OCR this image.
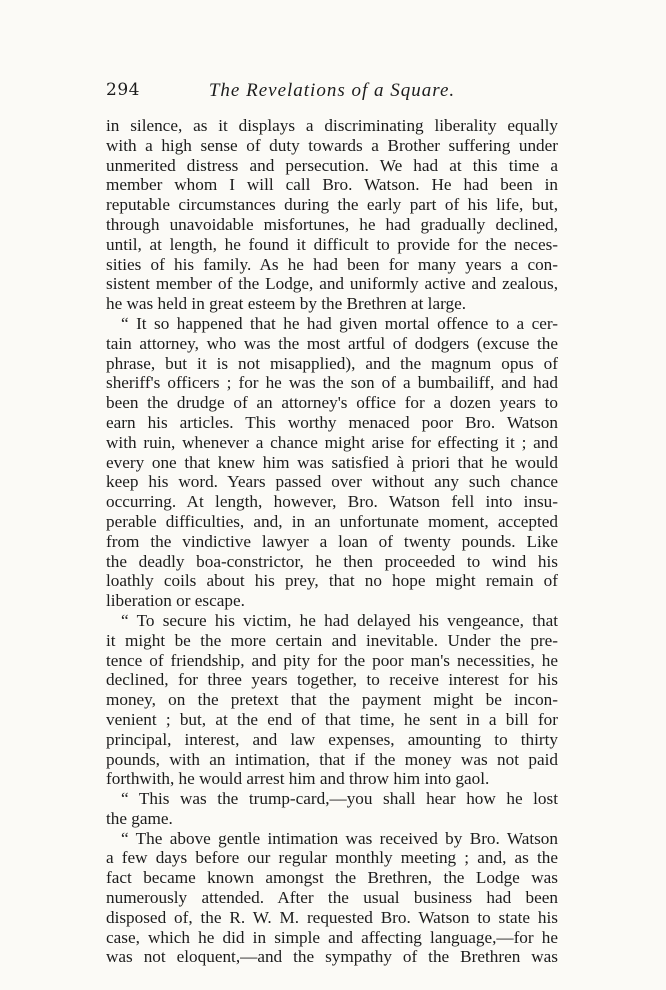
294	The Revelations of a Square.
in silence, as it displays a discriminating liberality equally
with a high sense of duty towards a Brother suffering under
unmerited distress and persecution. We had at this time a
member whom I will call Bro. Watson. He had been in
reputable circumstances during the early part of his life, but,
through unavoidable misfortunes, he had gradually declined,
until, at length, he found it difficult to provide for the neces-
sities of his family. As he had been for many years a con-
sistent member of the Lodge, and uniformly active and zealous,
he was held in great esteem by the Brethren at large.
“ It so happened that he had given mortal offence to a cer-
tain attorney, who was the most artful of dodgers (excuse the
phrase, but it is not misapplied), and the magnum opus of
sheriff's officers ; for he was the son of a bumbailiff, and had
been the drudge of an attorney's office for a dozen years to
earn his articles. This worthy menaced poor Bro. Watson
with ruin, whenever a chance might arise for effecting it ; and
every one that knew him was satisfied à priori that he would
keep his word. Years passed over without any such chance
occurring. At length, however, Bro. Watson fell into insu-
perable difficulties, and, in an unfortunate moment, accepted
from the vindictive lawyer a loan of twenty pounds. Like
the deadly boa-constrictor, he then proceeded to wind his
loathly coils about his prey, that no hope might remain of
liberation or escape.
“ To secure his victim, he had delayed his vengeance, that
it might be the more certain and inevitable. Under the pre-
tence of friendship, and pity for the poor man's necessities, he
declined, for three years together, to receive interest for his
money, on the pretext that the payment might be incon-
venient ; but, at the end of that time, he sent in a bill for
principal, interest, and law expenses, amounting to thirty
pounds, with an intimation, that if the money was not paid
forthwith, he would arrest him and throw him into gaol.
“ This was the trump-card,—you shall hear how he lost
the game.
“ The above gentle intimation was received by Bro. Watson
a few days before our regular monthly meeting ; and, as the
fact became known amongst the Brethren, the Lodge was
numerously attended. After the usual business had been
disposed of, the R. W. M. requested Bro. Watson to state his
case, which he did in simple and affecting language,—for he
was not eloquent,—and the sympathy of the Brethren was
